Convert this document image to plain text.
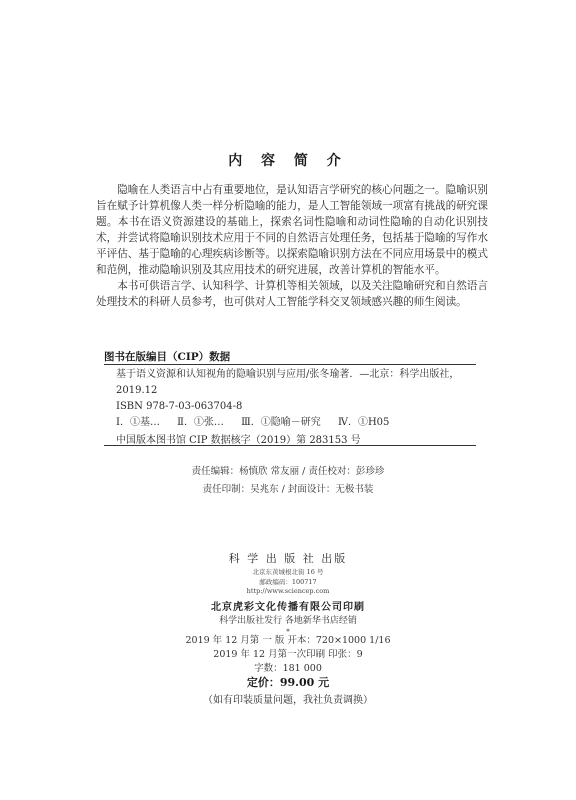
内 容 简 介

隐喻在人类语言中占有重要地位，是认知语言学研究的核心问题之一。隐喻识别旨在赋予计算机像人类一样分析隐喻的能力，是人工智能领域一项富有挑战的研究课题。本书在语义资源建设的基础上，探索名词性隐喻和动词性隐喻的自动化识别技术，并尝试将隐喻识别技术应用于不同的自然语言处理任务，包括基于隐喻的写作水平评估、基于隐喻的心理疾病诊断等。以探索隐喻识别方法在不同应用场景中的模式和范例，推动隐喻识别及其应用技术的研究进展，改善计算机的智能水平。

本书可供语言学、认知科学、计算机等相关领域，以及关注隐喻研究和自然语言处理技术的科研人员参考，也可供对人工智能学科交叉领域感兴趣的师生阅读。

图书在版编目（CIP）数据

基于语义资源和认知视角的隐喻识别与应用/张冬瑜著．—北京：科学出版社，2019.12

ISBN 978-7-03-063704-8

Ⅰ．①基… Ⅱ．①张… Ⅲ．①隐喻－研究 Ⅳ．①H05

中国版本图书馆 CIP 数据核字（2019）第 283153 号
责任编辑：杨慎欣 常友丽 / 责任校对：彭珍珍
责任印制：吴兆东 / 封面设计：无极书装
科 学 出 版 社 出版
北京东黄城根北街 16 号
邮政编码：100717
http://www.sciencep.com
北京虎彩文化传播有限公司印刷
科学出版社发行 各地新华书店经销
*
2019 年 12 月第 一 版 开本：720×1000 1/16
2019 年 12 月第一次印刷 印张：9
字数：181 000
定价：99.00 元
（如有印装质量问题，我社负责调换）
